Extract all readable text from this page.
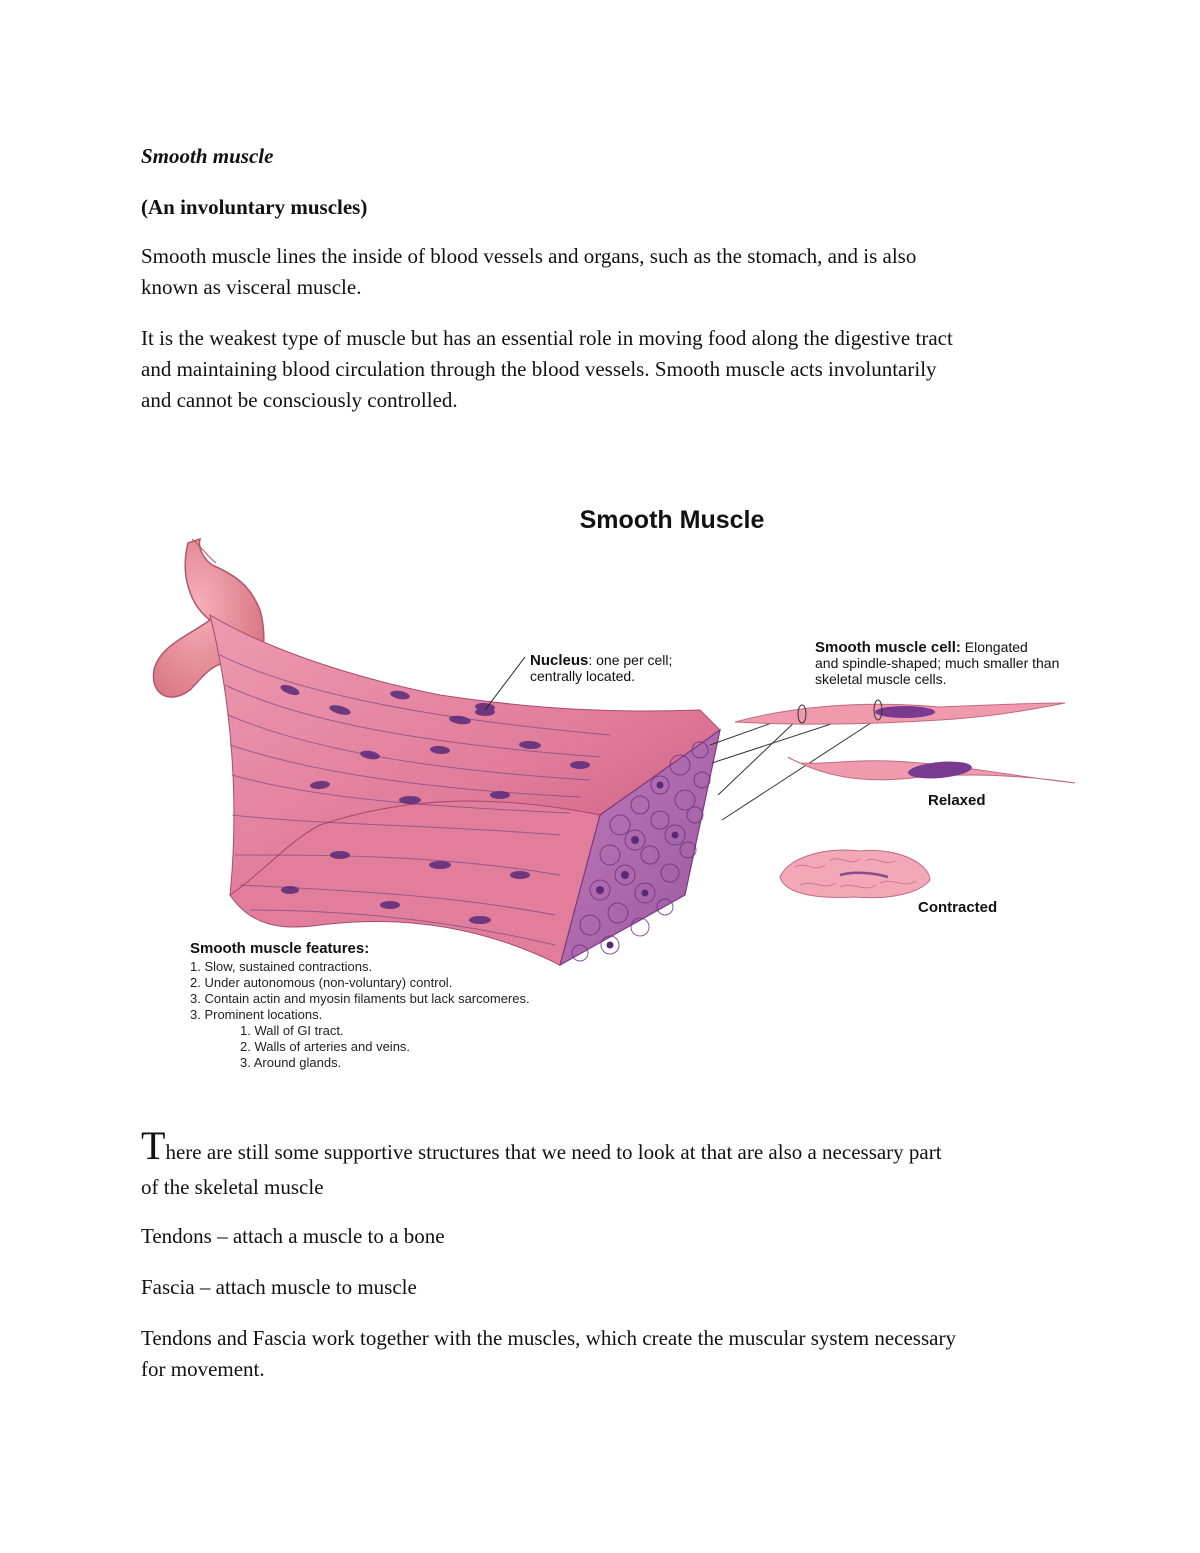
Smooth muscle

(An involuntary muscles)

Smooth muscle lines the inside of blood vessels and organs, such as the stomach, and is also
known as visceral muscle.
It is the weakest type of muscle but has an essential role in moving food along the digestive tract
and maintaining blood circulation through the blood vessels. Smooth muscle acts involuntarily
and cannot be consciously controlled.
Smooth Muscle
Nucleus: one per cell;
centrally located.
Smooth muscle cell: Elongated
and spindle-shaped; much smaller than
skeletal muscle cells.
Relaxed
Contracted
Smooth muscle features:
1. Slow, sustained contractions.
2. Under autonomous (non-voluntary) control.
3. Contain actin and myosin filaments but lack sarcomeres.
3. Prominent locations.
1. Wall of GI tract.
2. Walls of arteries and veins.
3. Around glands.
There are still some supportive structures that we need to look at that are also a necessary part
of the skeletal muscle

Tendons – attach a muscle to a bone

Fascia – attach muscle to muscle

Tendons and Fascia work together with the muscles, which create the muscular system necessary
for movement.
